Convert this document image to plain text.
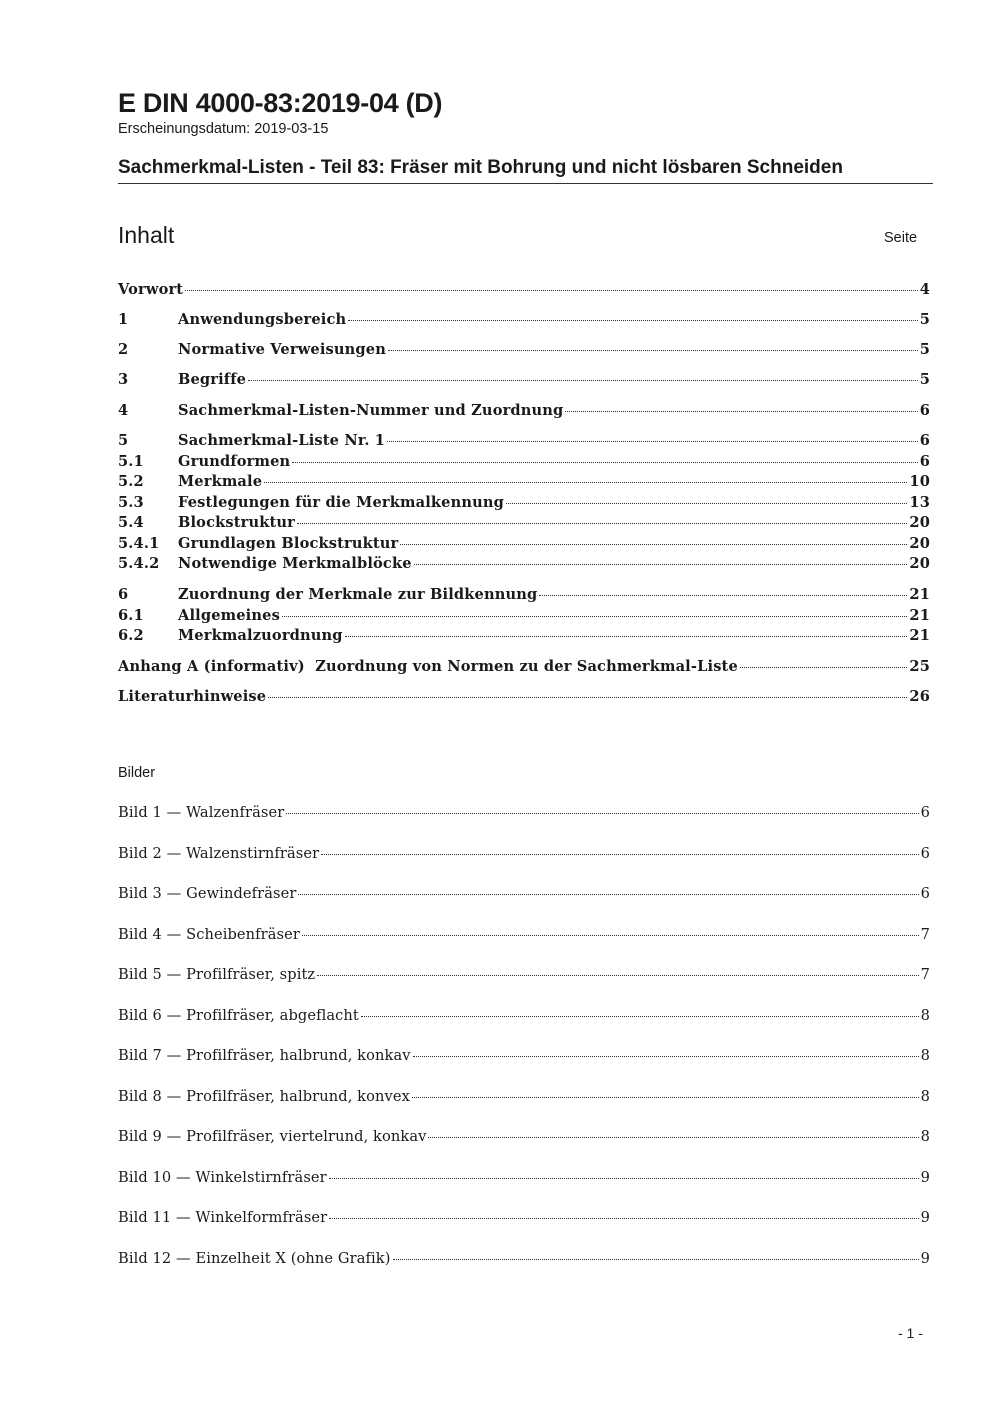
E DIN 4000-83:2019-04 (D)
Erscheinungsdatum: 2019-03-15
Sachmerkmal-Listen - Teil 83: Fräser mit Bohrung und nicht lösbaren Schneiden
Inhalt	Seite
Vorwort	4
1	Anwendungsbereich	5
2	Normative Verweisungen	5
3	Begriffe	5
4	Sachmerkmal-Listen-Nummer und Zuordnung	6
5	Sachmerkmal-Liste Nr. 1	6
5.1	Grundformen	6
5.2	Merkmale	10
5.3	Festlegungen für die Merkmalkennung	13
5.4	Blockstruktur	20
5.4.1	Grundlagen Blockstruktur	20
5.4.2	Notwendige Merkmalblöcke	20
6	Zuordnung der Merkmale zur Bildkennung	21
6.1	Allgemeines	21
6.2	Merkmalzuordnung	21
Anhang A (informativ)  Zuordnung von Normen zu der Sachmerkmal-Liste	25
Literaturhinweise	26
Bilder
Bild 1 — Walzenfräser	6
Bild 2 — Walzenstirnfräser	6
Bild 3 — Gewindefräser	6
Bild 4 — Scheibenfräser	7
Bild 5 — Profilfräser, spitz	7
Bild 6 — Profilfräser, abgeflacht	8
Bild 7 — Profilfräser, halbrund, konkav	8
Bild 8 — Profilfräser, halbrund, konvex	8
Bild 9 — Profilfräser, viertelrund, konkav	8
Bild 10 — Winkelstirnfräser	9
Bild 11 — Winkelformfräser	9
Bild 12 — Einzelheit X (ohne Grafik)	9
- 1 -
